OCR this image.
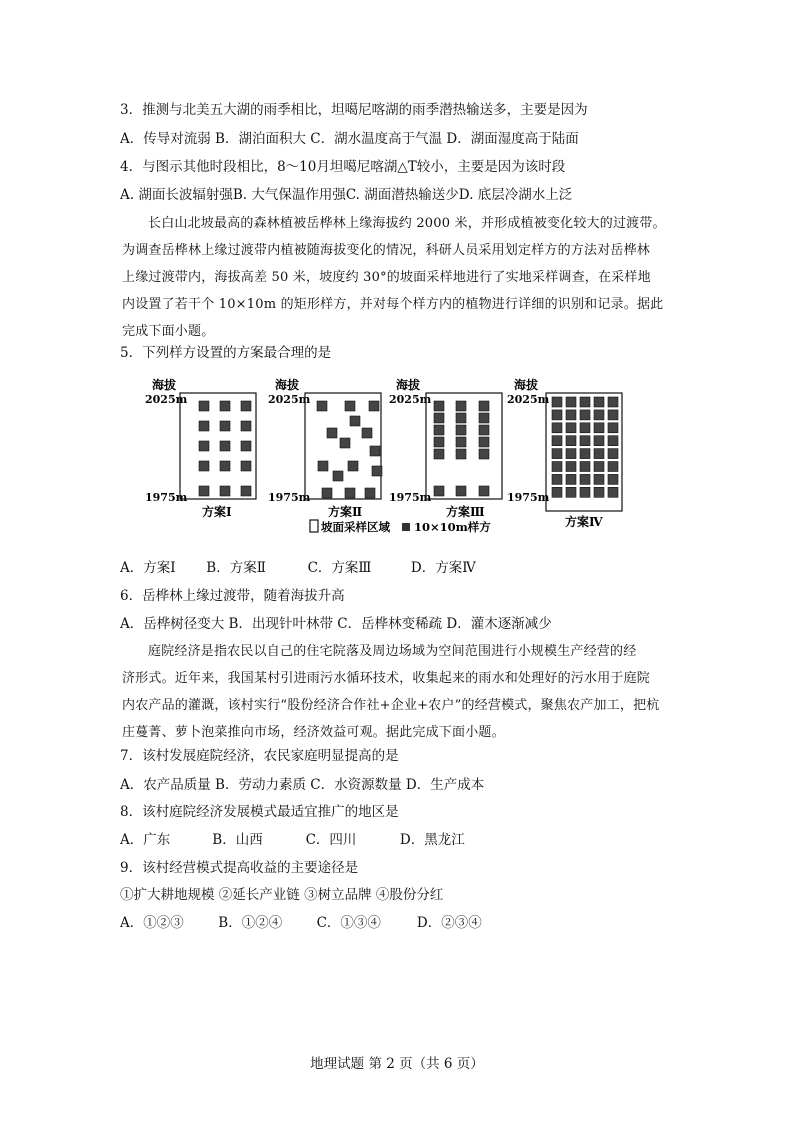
3．推测与北美五大湖的雨季相比，坦噶尼喀湖的雨季潜热输送多，主要是因为
A．传导对流弱 B．湖泊面积大 C．湖水温度高于气温 D．湖面湿度高于陆面
4．与图示其他时段相比，8～10月坦噶尼喀湖△T较小，主要是因为该时段
A. 湖面长波辐射强B. 大气保温作用强C. 湖面潜热输送少D. 底层冷湖水上泛
长白山北坡最高的森林植被岳桦林上缘海拔约 2000 米，并形成植被变化较大的过渡带。
为调查岳桦林上缘过渡带内植被随海拔变化的情况，科研人员采用划定样方的方法对岳桦林
上缘过渡带内，海拔高差 50 米，坡度约 30°的坡面采样地进行了实地采样调查，在采样地
内设置了若干个 10×10m 的矩形样方，并对每个样方内的植物进行详细的识别和记录。据此
完成下面小题。
5．下列样方设置的方案最合理的是
海拔
2025m
1975m
方案Ⅰ
海拔
2025m
1975m
方案Ⅱ
海拔
2025m
1975m
方案Ⅲ
海拔
2025m
1975m
方案Ⅳ
坡面采样区域 10×10m样方
A．方案Ⅰ B．方案Ⅱ	C．方案Ⅲ	D．方案Ⅳ
6．岳桦林上缘过渡带，随着海拔升高
A．岳桦树径变大 B．出现针叶林带 C．岳桦林变稀疏 D．灌木逐渐减少
庭院经济是指农民以自己的住宅院落及周边场域为空间范围进行小规模生产经营的经
济形式。近年来，我国某村引进雨污水循环技术，收集起来的雨水和处理好的污水用于庭院
内农产品的灌溉，该村实行“股份经济合作社+企业+农户”的经营模式，聚焦农产加工，把杭
庄蔓菁、萝卜泡菜推向市场，经济效益可观。据此完成下面小题。
7．该村发展庭院经济，农民家庭明显提高的是
A．农产品质量 B．劳动力素质 C．水资源数量 D．生产成本
8．该村庭院经济发展模式最适宜推广的地区是
A．广东	B．山西	C．四川	D．黑龙江
9．该村经营模式提高收益的主要途径是
①扩大耕地规模 ②延长产业链 ③树立品牌 ④股份分红
A．①②③	B．①②④	C．①③④	D．②③④
地理试题 第 2 页（共 6 页）
